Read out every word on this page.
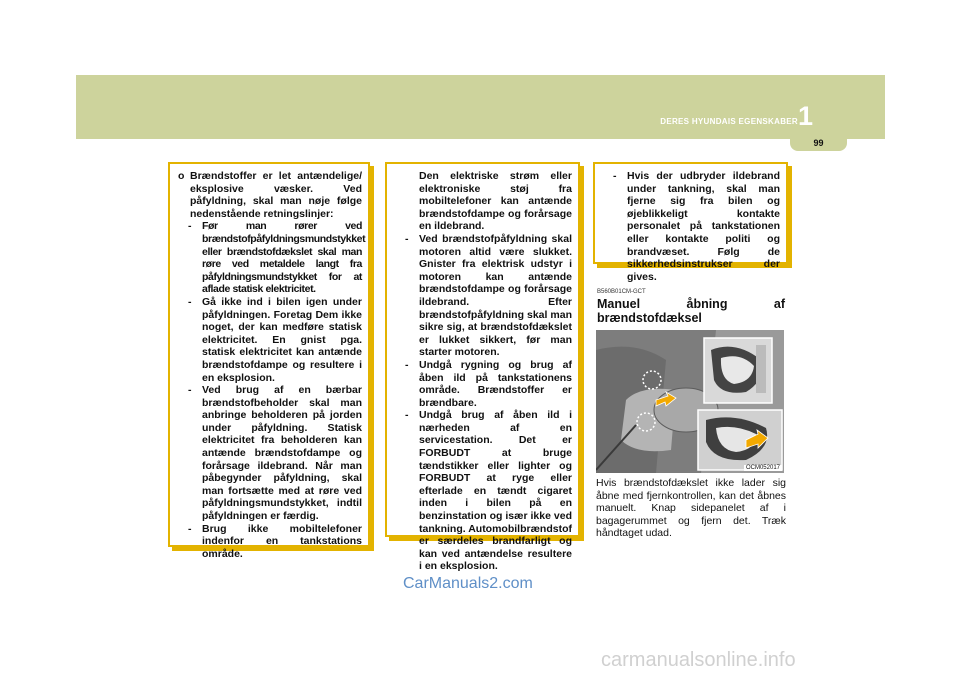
DERES HYUNDAIS EGENSKABER 1
99
o Brændstoffer er let antændelige/ eksplosive væsker. Ved påfyldning, skal man nøje følge nedenstående retningslinjer:
- Før man rører ved brændstofpåfyldningsmundstykket eller brændstofdækslet skal man røre ved metaldele langt fra påfyldningsmundstykket for at aflade statisk elektricitet.
- Gå ikke ind i bilen igen under påfyldningen. Foretag Dem ikke noget, der kan medføre statisk elektricitet. En gnist pga. statisk elektricitet kan antænde brændstofdampe og resultere i en eksplosion.
- Ved brug af en bærbar brændstofbeholder skal man anbringe beholderen på jorden under påfyldning. Statisk elektricitet fra beholderen kan antænde brændstofdampe og forårsage ildebrand. Når man påbegynder påfyldning, skal man fortsætte med at røre ved påfyldningsmundstykket, indtil påfyldningen er færdig.
- Brug ikke mobiltelefoner indenfor en tankstations område.
Den elektriske strøm eller elektroniske støj fra mobiltelefoner kan antænde brændstofdampe og forårsage en ildebrand.
- Ved brændstofpåfyldning skal motoren altid være slukket. Gnister fra elektrisk udstyr i motoren kan antænde brændstofdampe og forårsage ildebrand. Efter brændstofpåfyldning skal man sikre sig, at brændstofdækslet er lukket sikkert, før man starter motoren.
- Undgå rygning og brug af åben ild på tankstationens område. Brændstoffer er brændbare.
- Undgå brug af åben ild i nærheden af en servicestation. Det er FORBUDT at bruge tændstikker eller lighter og FORBUDT at ryge eller efterlade en tændt cigaret inden i bilen på en benzinstation og især ikke ved tankning. Automobilbrændstof er særdeles brandfarligt og kan ved antændelse resultere i en eksplosion.
- Hvis der udbryder ildebrand under tankning, skal man fjerne sig fra bilen og øjeblikkeligt kontakte personalet på tankstationen eller kontakte politi og brandvæset. Følg de sikkerhedsinstrukser der gives.
B560B01CM-GCT
Manuel åbning af brændstofdæksel
OCM052017
Hvis brændstofdækslet ikke lader sig åbne med fjernkontrollen, kan det åbnes manuelt. Knap sidepanelet af i bagagerummet og fjern det. Træk håndtaget udad.
CarManuals2.com
carmanualsonline.info
